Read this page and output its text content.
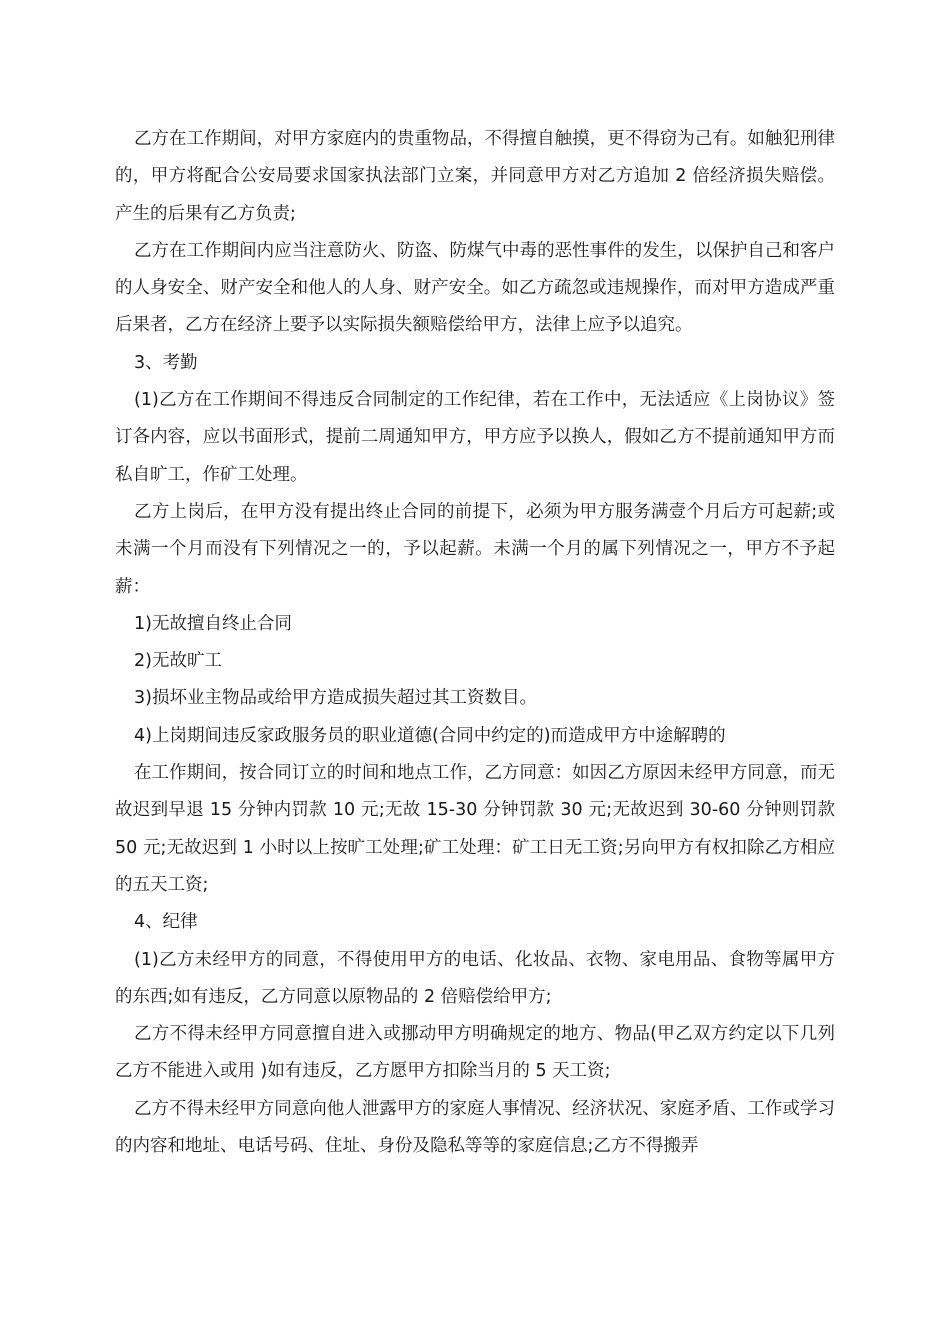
乙方在工作期间，对甲方家庭内的贵重物品，不得擅自触摸，更不得窃为己有。如触犯刑律的，甲方将配合公安局要求国家执法部门立案，并同意甲方对乙方追加 2 倍经济损失赔偿。产生的后果有乙方负责;

乙方在工作期间内应当注意防火、防盗、防煤气中毒的恶性事件的发生，以保护自己和客户的人身安全、财产安全和他人的人身、财产安全。如乙方疏忽或违规操作，而对甲方造成严重后果者，乙方在经济上要予以实际损失额赔偿给甲方，法律上应予以追究。

3、考勤

(1)乙方在工作期间不得违反合同制定的工作纪律，若在工作中，无法适应《上岗协议》签订各内容，应以书面形式，提前二周通知甲方，甲方应予以换人，假如乙方不提前通知甲方而私自旷工，作矿工处理。

乙方上岗后，在甲方没有提出终止合同的前提下，必须为甲方服务满壹个月后方可起薪;或未满一个月而没有下列情况之一的，予以起薪。未满一个月的属下列情况之一，甲方不予起薪：

1)无故擅自终止合同

2)无故旷工

3)损坏业主物品或给甲方造成损失超过其工资数目。

4)上岗期间违反家政服务员的职业道德(合同中约定的)而造成甲方中途解聘的

在工作期间，按合同订立的时间和地点工作，乙方同意：如因乙方原因未经甲方同意，而无故迟到早退 15 分钟内罚款 10 元;无故 15-30 分钟罚款 30 元;无故迟到 30-60 分钟则罚款 50 元;无故迟到 1 小时以上按旷工处理;矿工处理：矿工日无工资;另向甲方有权扣除乙方相应的五天工资;

4、纪律

(1)乙方未经甲方的同意，不得使用甲方的电话、化妆品、衣物、家电用品、食物等属甲方的东西;如有违反，乙方同意以原物品的 2 倍赔偿给甲方;

乙方不得未经甲方同意擅自进入或挪动甲方明确规定的地方、物品(甲乙双方约定以下几列乙方不能进入或用 )如有违反，乙方愿甲方扣除当月的 5 天工资;

乙方不得未经甲方同意向他人泄露甲方的家庭人事情况、经济状况、家庭矛盾、工作或学习的内容和地址、电话号码、住址、身份及隐私等等的家庭信息;乙方不得搬弄
